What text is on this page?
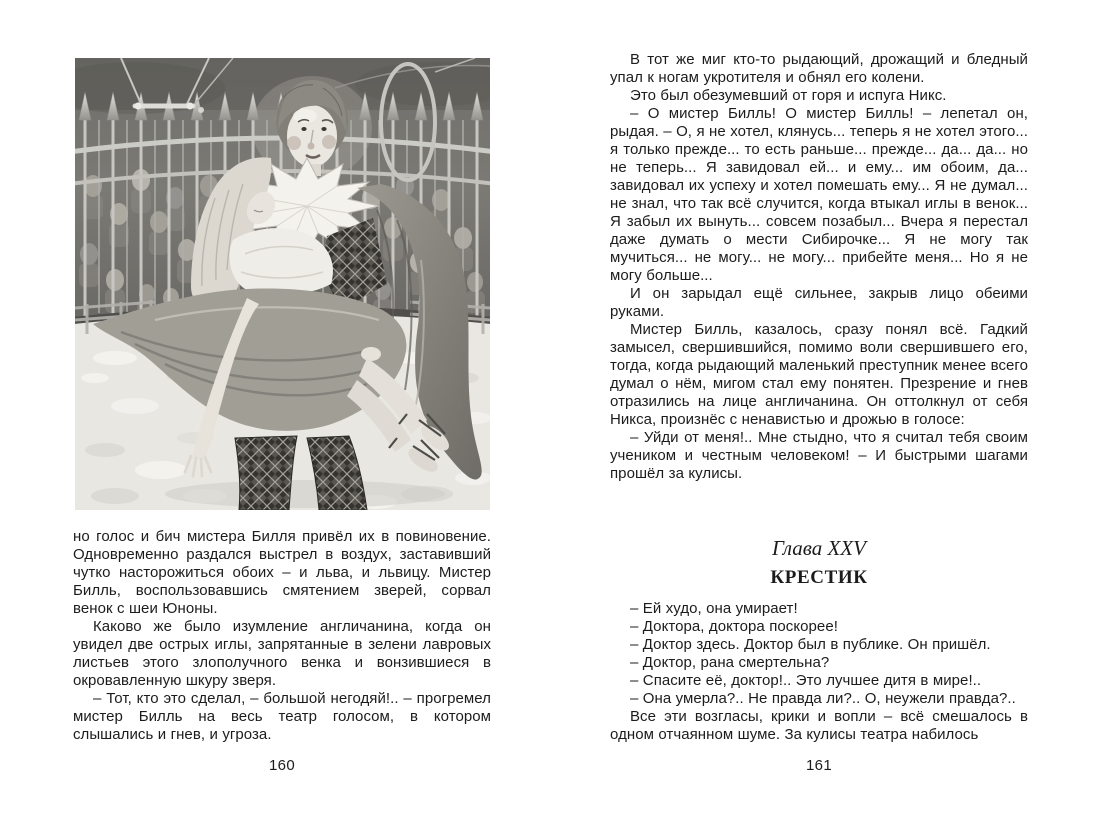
но голос и бич мистера Билля привёл их в повиновение. Одновременно раздался выстрел в воздух, заставивший чутко насторожиться обоих – и льва, и львицу. Мистер Билль, воспользовавшись смятением зверей, сорвал венок с шеи Юноны.

Каково же было изумление англичанина, когда он увидел две острых иглы, запрятанные в зелени лавровых листьев этого злополучного венка и вонзившиеся в окровавленную шкуру зверя.

– Тот, кто это сделал, – большой негодяй!.. – прогремел мистер Билль на весь театр голосом, в котором слышались и гнев, и угроза.

160

В тот же миг кто-то рыдающий, дрожащий и бледный упал к ногам укротителя и обнял его колени.

Это был обезумевший от горя и испуга Никс.

– О мистер Билль! О мистер Билль! – лепетал он, рыдая. – О, я не хотел, клянусь... теперь я не хотел этого... я только прежде... то есть раньше... прежде... да... да... но не теперь... Я завидовал ей... и ему... им обоим, да... завидовал их успеху и хотел помешать ему... Я не думал... не знал, что так всё случится, когда втыкал иглы в венок... Я забыл их вынуть... совсем позабыл... Вчера я перестал даже думать о мести Сибирочке... Я не могу так мучиться... не могу... не могу... прибейте меня... Но я не могу больше...

И он зарыдал ещё сильнее, закрыв лицо обеими руками.

Мистер Билль, казалось, сразу понял всё. Гадкий замысел, свершившийся, помимо воли свершившего его, тогда, когда рыдающий маленький преступник менее всего думал о нём, мигом стал ему понятен. Презрение и гнев отразились на лице англичанина. Он оттолкнул от себя Никса, произнёс с ненавистью и дрожью в голосе:

– Уйди от меня!.. Мне стыдно, что я считал тебя своим учеником и честным человеком! – И быстрыми шагами прошёл за кулисы.

Глава XXV
КРЕСТИК

– Ей худо, она умирает!

– Доктора, доктора поскорее!

– Доктор здесь. Доктор был в публике. Он пришёл.

– Доктор, рана смертельна?

– Спасите её, доктор!.. Это лучшее дитя в мире!..

– Она умерла?.. Не правда ли?.. О, неужели правда?..

Все эти возгласы, крики и вопли – всё смешалось в одном отчаянном шуме. За кулисы театра набилось

161
